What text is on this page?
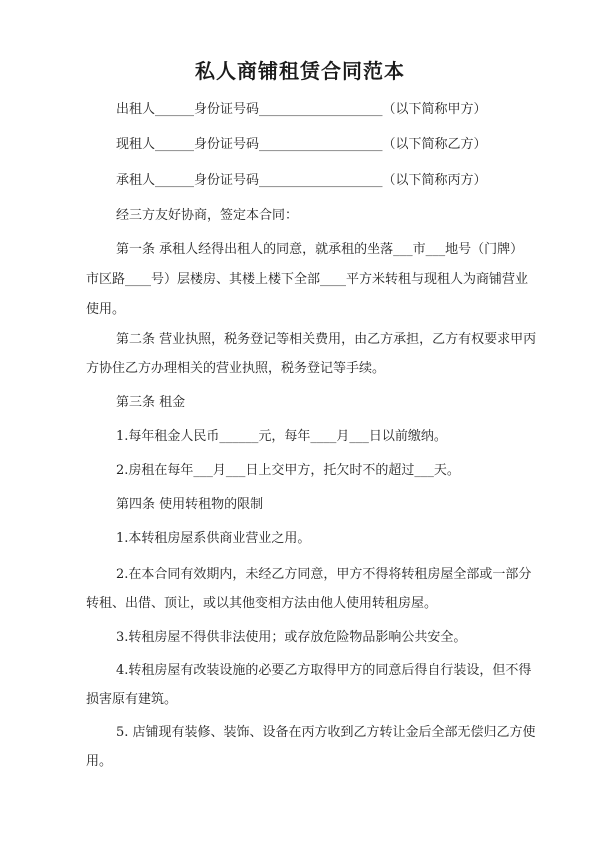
私人商铺租赁合同范本
出租人______身份证号码___________________（以下简称甲方）
现租人______身份证号码___________________（以下简称乙方）
承租人______身份证号码___________________（以下简称丙方）
经三方友好协商，签定本合同：
第一条 承租人经得出租人的同意，就承租的坐落___市___地号（门牌）
市区路____号）层楼房、其楼上楼下全部____平方米转租与现租人为商铺营业
使用。
第二条 营业执照，税务登记等相关费用，由乙方承担，乙方有权要求甲丙
方协住乙方办理相关的营业执照，税务登记等手续。
第三条 租金
1.每年租金人民币______元，每年____月___日以前缴纳。
2.房租在每年___月___日上交甲方，托欠时不的超过___天。
第四条 使用转租物的限制
1.本转租房屋系供商业营业之用。
2.在本合同有效期内，未经乙方同意，甲方不得将转租房屋全部或一部分
转租、出借、顶让，或以其他变相方法由他人使用转租房屋。
3.转租房屋不得供非法使用；或存放危险物品影响公共安全。
4.转租房屋有改装设施的必要乙方取得甲方的同意后得自行装设，但不得
损害原有建筑。
5. 店铺现有装修、装饰、设备在丙方收到乙方转让金后全部无偿归乙方使
用。
